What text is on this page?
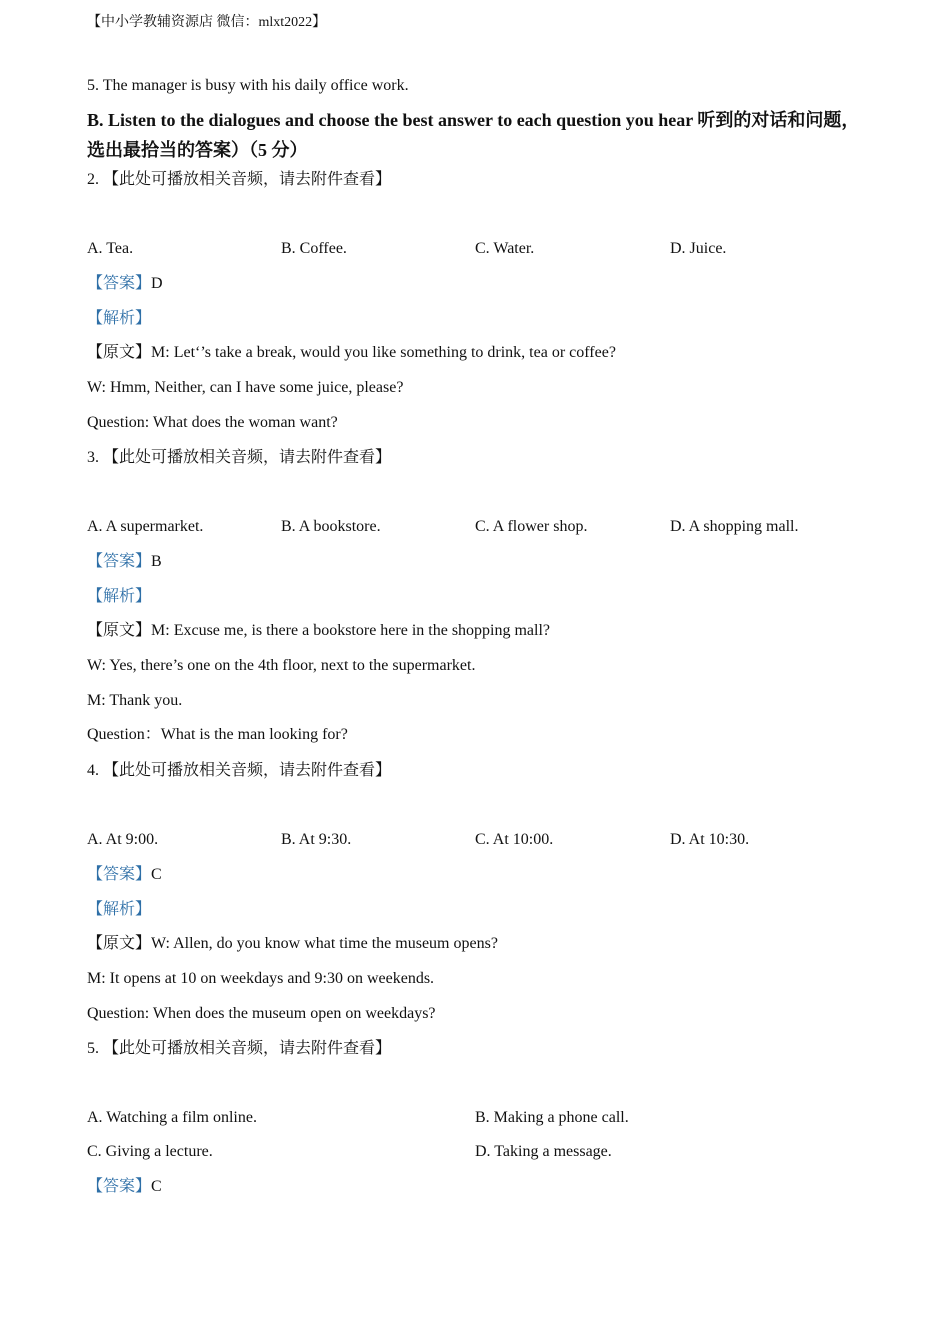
【中小学教辅资源店 微信：mlxt2022】
5. The manager is busy with his daily office work.
B. Listen to the dialogues and choose the best answer to each question you hear 听到的对话和问题，选出最拾当的答案）（5 分）
2. 【此处可播放相关音频，请去附件查看】
A. Tea.	B. Coffee.	C. Water.	D. Juice.
【答案】D
【解析】
【原文】M: Let‘’s take a break, would you like something to drink, tea or coffee?
W: Hmm, Neither, can I have some juice, please?
Question: What does the woman want?
3. 【此处可播放相关音频，请去附件查看】
A. A supermarket.	B. A bookstore.	C. A flower shop.	D. A shopping mall.
【答案】B
【解析】
【原文】M: Excuse me, is there a bookstore here in the shopping mall?
W: Yes, there’s one on the 4th floor, next to the supermarket.
M: Thank you.
Question：What is the man looking for?
4. 【此处可播放相关音频，请去附件查看】
A. At 9:00.	B. At 9:30.	C. At 10:00.	D. At 10:30.
【答案】C
【解析】
【原文】W: Allen, do you know what time the museum opens?
M: It opens at 10 on weekdays and 9:30 on weekends.
Question: When does the museum open on weekdays?
5. 【此处可播放相关音频，请去附件查看】
A. Watching a film online.	B. Making a phone call.
C. Giving a lecture.	D. Taking a message.
【答案】C
